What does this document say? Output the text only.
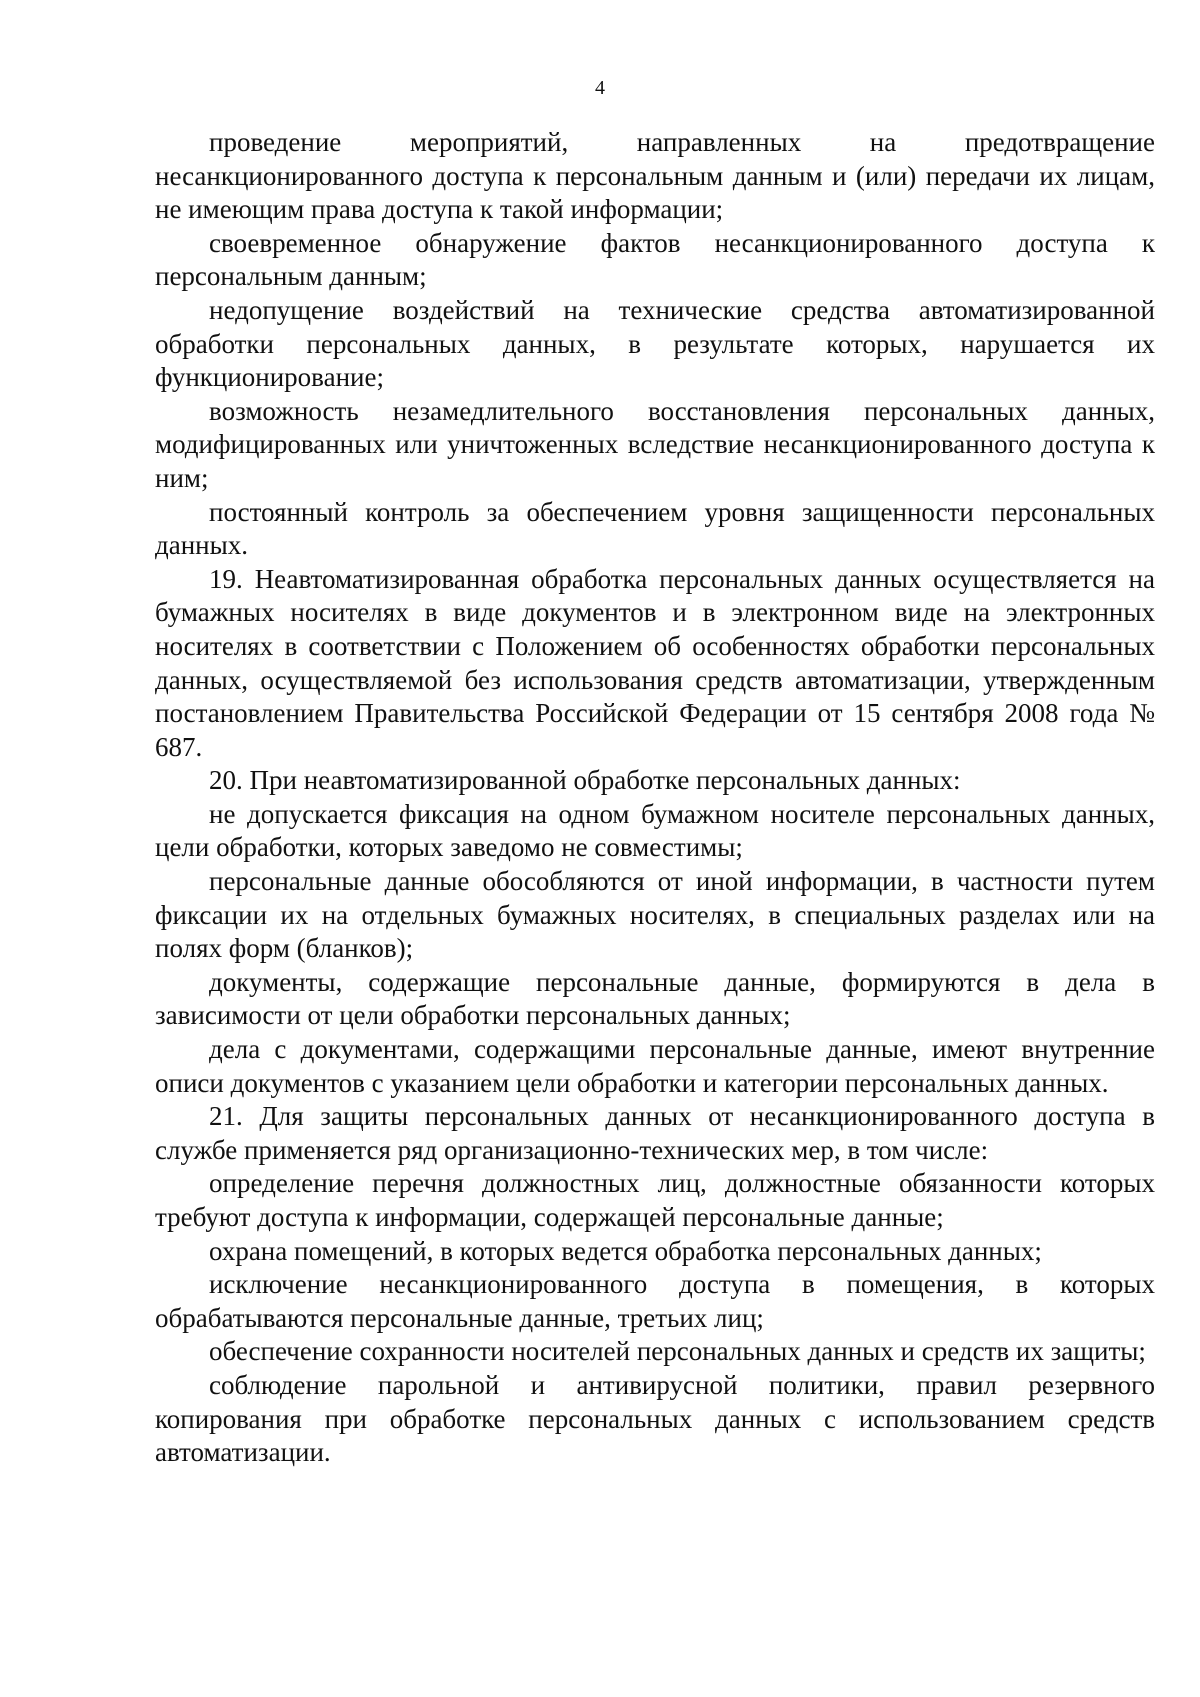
4

проведение мероприятий, направленных на предотвращение несанкционированного доступа к персональным данным и (или) передачи их лицам, не имеющим права доступа к такой информации;

своевременное обнаружение фактов несанкционированного доступа к персональным данным;

недопущение воздействий на технические средства автоматизированной обработки персональных данных, в результате которых, нарушается их функционирование;

возможность незамедлительного восстановления персональных данных, модифицированных или уничтоженных вследствие несанкционированного доступа к ним;

постоянный контроль за обеспечением уровня защищенности персональных данных.

19. Неавтоматизированная обработка персональных данных осуществляется на бумажных носителях в виде документов и в электронном виде на электронных носителях в соответствии с Положением об особенностях обработки персональных данных, осуществляемой без использования средств автоматизации, утвержденным постановлением Правительства Российской Федерации от 15 сентября 2008 года № 687.

20. При неавтоматизированной обработке персональных данных:

не допускается фиксация на одном бумажном носителе персональных данных, цели обработки, которых заведомо не совместимы;

персональные данные обособляются от иной информации, в частности путем фиксации их на отдельных бумажных носителях, в специальных разделах или на полях форм (бланков);

документы, содержащие персональные данные, формируются в дела в зависимости от цели обработки персональных данных;

дела с документами, содержащими персональные данные, имеют внутренние описи документов с указанием цели обработки и категории персональных данных.

21. Для защиты персональных данных от несанкционированного доступа в службе применяется ряд организационно-технических мер, в том числе:

определение перечня должностных лиц, должностные обязанности которых требуют доступа к информации, содержащей персональные данные;

охрана помещений, в которых ведется обработка персональных данных;

исключение несанкционированного доступа в помещения, в которых обрабатываются персональные данные, третьих лиц;

обеспечение сохранности носителей персональных данных и средств их защиты;

соблюдение парольной и антивирусной политики, правил резервного копирования при обработке персональных данных с использованием средств автоматизации.
